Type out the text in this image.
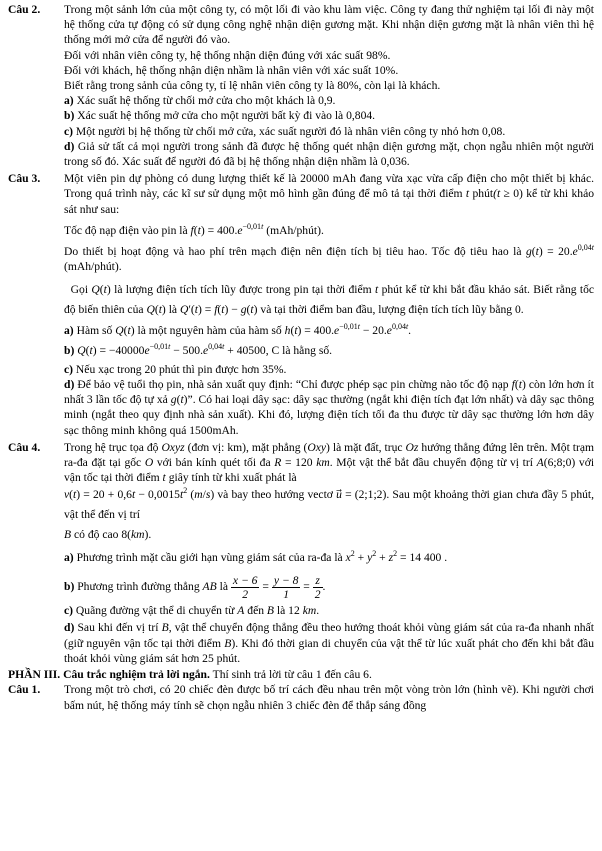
Câu 2. Trong một sảnh lớn của một công ty, có một lối đi vào khu làm việc. Công ty đang thử nghiệm tại lối đi này một hệ thống cửa tự động có sử dụng công nghệ nhận diện gương mặt. Khi nhận diện gương mặt là nhân viên thì hệ thống mới mở cửa để người đó vào.

Đối với nhân viên công ty, hệ thống nhận diện đúng với xác suất 98%.

Đối với khách, hệ thống nhận diện nhầm là nhân viên với xác suất 10%.

Biết rằng trong sảnh của công ty, tỉ lệ nhân viên công ty là 80%, còn lại là khách.

a) Xác suất hệ thống từ chối mở cửa cho một khách là 0,9.

b) Xác suất hệ thống mở cửa cho một người bất kỳ đi vào là 0,804.

c) Một người bị hệ thống từ chối mở cửa, xác suất người đó là nhân viên công ty nhỏ hơn 0,08.

d) Giả sử tất cả mọi người trong sảnh đã được hệ thống quét nhận diện gương mặt, chọn ngẫu nhiên một người trong số đó. Xác suất để người đó đã bị hệ thống nhận diện nhầm là 0,036.

Câu 3. Một viên pin dự phòng có dung lượng thiết kế là 20000 mAh đang vừa xạc vừa cấp điện cho một thiết bị khác. Trong quá trình này, các kĩ sư sử dụng một mô hình gần đúng để mô tả tại thời điểm t phút(t ≥ 0) kể từ khi khảo sát như sau:

Tốc độ nạp điện vào pin là $f(t) = 400.e^{-0,01t}$ (mAh/phút).

Do thiết bị hoạt động và hao phí trên mạch điện nên điện tích bị tiêu hao. Tốc độ tiêu hao là $g(t) = 20.e^{0,04t}$ (mAh/phút).

Gọi Q(t) là lượng điện tích tích lũy được trong pin tại thời điểm t phút kể từ khi bắt đầu khảo sát. Biết rằng tốc độ biến thiên của Q(t) là Q′(t) = f(t) − g(t) và tại thời điểm ban đầu, lượng điện tích tích lũy bằng 0.

a) Hàm số Q(t) là một nguyên hàm của hàm số $h(t) = 400.e^{-0,01t} - 20.e^{0,04t}$.

b) $Q(t) = -40000e^{-0,01t} - 500.e^{0,04t} + 40500$, C là hằng số.

c) Nếu xạc trong 20 phút thì pin được hơn 35%.

d) Để bảo vệ tuổi thọ pin, nhà sản xuất quy định: “Chỉ được phép sạc pin chừng nào tốc độ nạp f(t) còn lớn hơn ít nhất 3 lần tốc độ tự xả g(t)”. Có hai loại dây sạc: dây sạc thường (ngắt khi điện tích đạt lớn nhất) và dây sạc thông minh (ngắt theo quy định nhà sản xuất). Khi đó, lượng điện tích tối đa thu được từ dây sạc thường lớn hơn dây sạc thông minh không quá 1500mAh.

Câu 4. Trong hệ trục tọa độ Oxyz (đơn vị: km), mặt phẳng (Oxy) là mặt đất, trục Oz hướng thẳng đứng lên trên. Một trạm ra-đa đặt tại gốc O với bán kính quét tối đa R = 120 km. Một vật thể bắt đầu chuyển động từ vị trí A(6;8;0) với vận tốc tại thời điểm t giây tính từ khi xuất phát là

$v(t) = 20 + 0,6t - 0,0015t^2$ (m/s) và bay theo hướng vectơ u⃗ = (2;1;2). Sau một khoảng thời gian chưa đầy 5 phút, vật thể đến vị trí

B có độ cao 8(km).

a) Phương trình mặt cầu giới hạn vùng giám sát của ra-đa là $x^2 + y^2 + z^2 = 14$ 400 .

b) Phương trình đường thẳng AB là $\frac{x - 6}{2} = \frac{y - 8}{1} = \frac{z}{2}$ .

c) Quãng đường vật thể di chuyển từ A đến B là 12 km.

d) Sau khi đến vị trí B, vật thể chuyển động thẳng đều theo hướng thoát khỏi vùng giám sát của ra-đa nhanh nhất (giữ nguyên vận tốc tại thời điểm B). Khi đó thời gian di chuyển của vật thể từ lúc xuất phát cho đến khi bắt đầu thoát khỏi vùng giám sát hơn 25 phút.

PHẦN III. Câu trắc nghiệm trả lời ngắn. Thí sinh trả lời từ câu 1 đến câu 6.

Câu 1. Trong một trò chơi, có 20 chiếc đèn được bố trí cách đều nhau trên một vòng tròn lớn (hình vẽ). Khi người chơi bấm nút, hệ thống máy tính sẽ chọn ngẫu nhiên 3 chiếc đèn để thắp sáng đồng
